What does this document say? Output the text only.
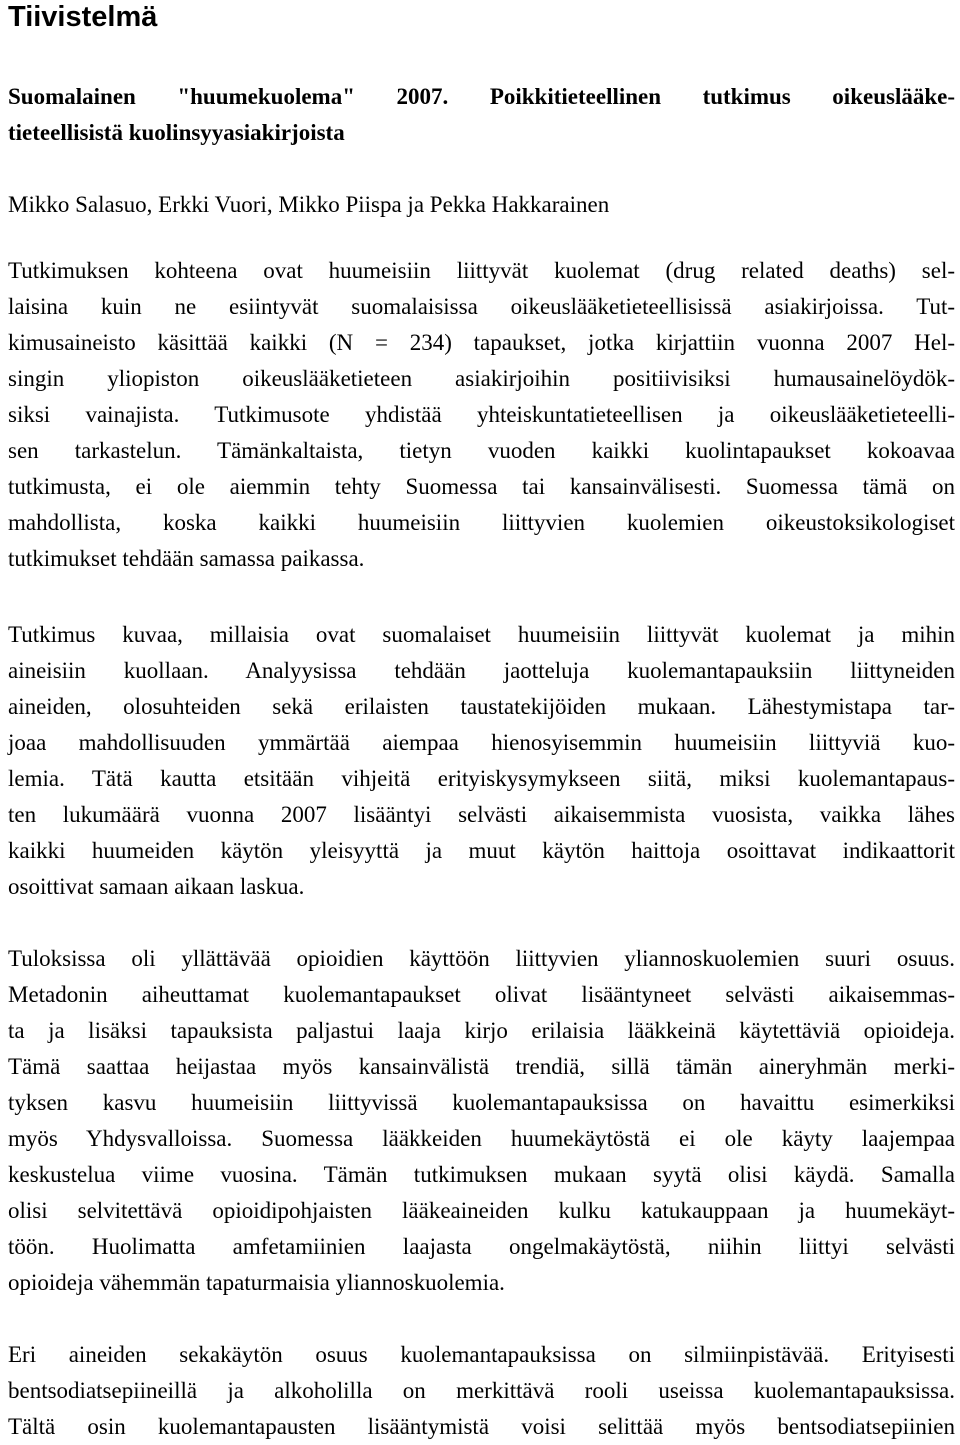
Tiivistelmä
Suomalainen "huumekuolema" 2007. Poikkitieteellinen tutkimus oikeuslääke-
tieteellisistä kuolinsyyasiakirjoista
Mikko Salasuo, Erkki Vuori, Mikko Piispa ja Pekka Hakkarainen
Tutkimuksen kohteena ovat huumeisiin liittyvät kuolemat (drug related deaths) sel-
laisina kuin ne esiintyvät suomalaisissa oikeuslääketieteellisissä asiakirjoissa. Tut-
kimusaineisto käsittää kaikki (N = 234) tapaukset, jotka kirjattiin vuonna 2007 Hel-
singin yliopiston oikeuslääketieteen asiakirjoihin positiivisiksi humausainelöydök-
siksi vainajista. Tutkimusote yhdistää yhteiskuntatieteellisen ja oikeuslääketieteelli-
sen tarkastelun. Tämänkaltaista, tietyn vuoden kaikki kuolintapaukset kokoavaa
tutkimusta, ei ole aiemmin tehty Suomessa tai kansainvälisesti. Suomessa tämä on
mahdollista, koska kaikki huumeisiin liittyvien kuolemien oikeustoksikologiset
tutkimukset tehdään samassa paikassa.
Tutkimus kuvaa, millaisia ovat suomalaiset huumeisiin liittyvät kuolemat ja mihin
aineisiin kuollaan. Analyysissa tehdään jaotteluja kuolemantapauksiin liittyneiden
aineiden, olosuhteiden sekä erilaisten taustatekijöiden mukaan. Lähestymistapa tar-
joaa mahdollisuuden ymmärtää aiempaa hienosyisemmin huumeisiin liittyviä kuo-
lemia. Tätä kautta etsitään vihjeitä erityiskysymykseen siitä, miksi kuolemantapaus-
ten lukumäärä vuonna 2007 lisääntyi selvästi aikaisemmista vuosista, vaikka lähes
kaikki huumeiden käytön yleisyyttä ja muut käytön haittoja osoittavat indikaattorit
osoittivat samaan aikaan laskua.
Tuloksissa oli yllättävää opioidien käyttöön liittyvien yliannoskuolemien suuri osuus.
Metadonin aiheuttamat kuolemantapaukset olivat lisääntyneet selvästi aikaisemmas-
ta ja lisäksi tapauksista paljastui laaja kirjo erilaisia lääkkeinä käytettäviä opioideja.
Tämä saattaa heijastaa myös kansainvälistä trendiä, sillä tämän aineryhmän merki-
tyksen kasvu huumeisiin liittyvissä kuolemantapauksissa on havaittu esimerkiksi
myös Yhdysvalloissa. Suomessa lääkkeiden huumekäytöstä ei ole käyty laajempaa
keskustelua viime vuosina. Tämän tutkimuksen mukaan syytä olisi käydä. Samalla
olisi selvitettävä opioidipohjaisten lääkeaineiden kulku katukauppaan ja huumekäyt-
töön. Huolimatta amfetamiinien laajasta ongelmakäytöstä, niihin liittyi selvästi
opioideja vähemmän tapaturmaisia yliannoskuolemia.
Eri aineiden sekakäytön osuus kuolemantapauksissa on silmiinpistävää. Erityisesti
bentsodiatsepiineillä ja alkoholilla on merkittävä rooli useissa kuolemantapauksissa.
Tältä osin kuolemantapausten lisääntymistä voisi selittää myös bentsodiatsepiinien
